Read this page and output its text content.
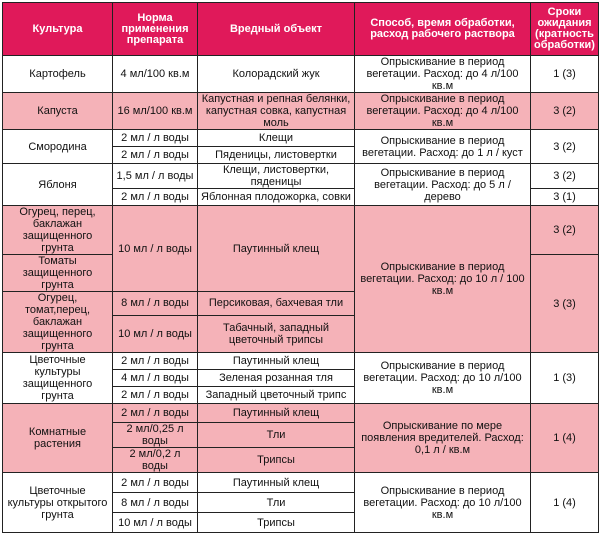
Культура	Норма применения препарата	Вредный объект	Способ, время обработки, расход рабочего раствора	Сроки ожидания (кратность обработки)
Картофель	4 мл/100 кв.м	Колорадский жук	Опрыскивание в период вегетации. Расход: до 4 л/100 кв.м	1 (3)
Капуста	16 мл/100 кв.м	Капустная и репная белянки, капустная совка, капустная моль	Опрыскивание в период вегетации. Расход: до 4 л/100 кв.м	3 (2)
Смородина	2 мл / л воды	Клещи	Опрыскивание в период вегетации. Расход: до 1 л / куст	3 (2)
	2 мл / л воды	Пядeницы, листовертки		
Яблоня	1,5 мл / л воды	Клещи, листовертки, пяденицы	Опрыскивание в период вегетации. Расход: до 5 л / дерево	3 (2)
	2 мл / л воды	Яблонная плодожорка, совки		3 (1)
Огурец, перец, баклажан защищенного грунта	10 мл / л воды	Паутинный клещ	Опрыскивание в период вегетации. Расход: до 10 л / 100 кв.м	3 (2)
Томаты защищенного грунта				3 (3)
Огурец, томат,перец, баклажан защищенного грунта	8 мл / л воды	Персиковая, бахчевая тли		
	10 мл / л воды	Табачный, западный цветочный трипсы		
Цветочные культуры защищенного грунта	2 мл / л воды	Паутинный клещ	Опрыскивание в период вегетации. Расход: до 10 л/100 кв.м	1 (3)
	4 мл / л воды	Зеленая розанная тля		
	2 мл / л воды	Западный цветочный трипс		
Комнатные растения	2 мл / л воды	Паутинный клещ	Опрыскивание по мере появления вредителей. Расход: 0,1 л / кв.м	1 (4)
	2 мл/0,25 л воды	Тли		
	2 мл/0,2 л воды	Трипсы		
Цветочные культуры открытого грунта	2 мл / л воды	Паутинный клещ	Опрыскивание в период вегетации. Расход: до 10 л/100 кв.м	1 (4)
	8 мл / л воды	Тли		
	10 мл / л воды	Трипсы		
